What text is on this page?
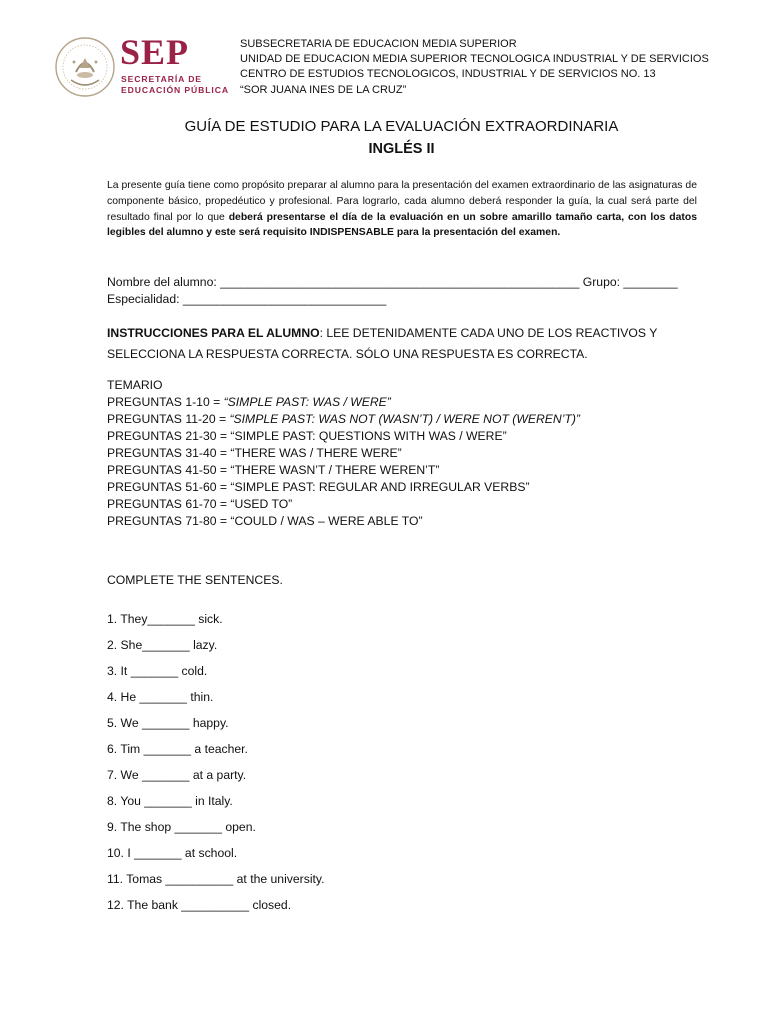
SEP
SECRETARÍA DE
EDUCACIÓN PÚBLICA
SUBSECRETARIA DE EDUCACION MEDIA SUPERIOR
UNIDAD DE EDUCACION MEDIA SUPERIOR TECNOLOGICA INDUSTRIAL Y DE SERVICIOS
CENTRO DE ESTUDIOS TECNOLOGICOS, INDUSTRIAL Y DE SERVICIOS NO. 13
“SOR JUANA INES DE LA CRUZ”
GUÍA DE ESTUDIO PARA LA EVALUACIÓN EXTRAORDINARIA
INGLÉS II
La presente guía tiene como propósito preparar al alumno para la presentación del examen extraordinario de las asignaturas de componente básico, propedéutico y profesional. Para lograrlo, cada alumno deberá responder la guía, la cual será parte del resultado final por lo que deberá presentarse el día de la evaluación en un sobre amarillo tamaño carta, con los datos legibles del alumno y este será requisito INDISPENSABLE para la presentación del examen.
Nombre del alumno: _____________________________________________________ Grupo: ________
Especialidad: ______________________________
INSTRUCCIONES PARA EL ALUMNO: LEE DETENIDAMENTE CADA UNO DE LOS REACTIVOS Y SELECCIONA LA RESPUESTA CORRECTA. SÓLO UNA RESPUESTA ES CORRECTA.
TEMARIO
PREGUNTAS 1-10 = “SIMPLE PAST: WAS / WERE”
PREGUNTAS 11-20 = “SIMPLE PAST: WAS NOT (WASN’T) / WERE NOT (WEREN’T)”
PREGUNTAS 21-30 = “SIMPLE PAST: QUESTIONS WITH WAS / WERE”
PREGUNTAS 31-40 = “THERE WAS / THERE WERE”
PREGUNTAS 41-50 = “THERE WASN’T / THERE WEREN’T”
PREGUNTAS 51-60 = “SIMPLE PAST: REGULAR AND IRREGULAR VERBS”
PREGUNTAS 61-70 = “USED TO”
PREGUNTAS 71-80 = “COULD / WAS – WERE ABLE TO”
COMPLETE THE SENTENCES.
1. They_______ sick.
2. She_______ lazy.
3. It _______ cold.
4. He _______ thin.
5. We _______ happy.
6. Tim _______ a teacher.
7. We _______ at a party.
8. You _______ in Italy.
9. The shop _______ open.
10. I _______ at school.
11. Tomas __________ at the university.
12. The bank __________ closed.
